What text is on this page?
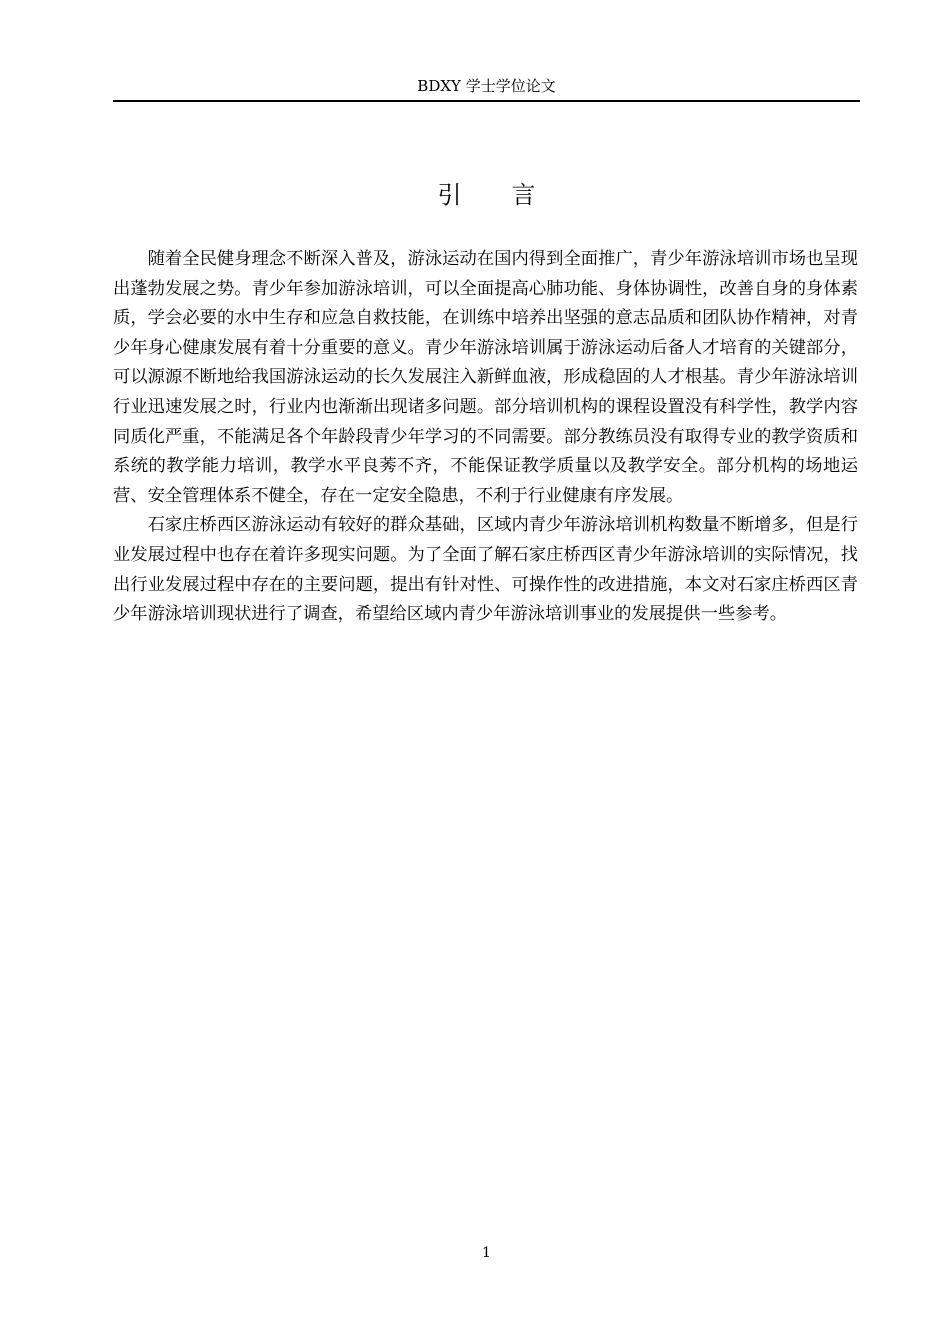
BDXY 学士学位论文
引 言

随着全民健身理念不断深入普及，游泳运动在国内得到全面推广，青少年游泳培训市场也呈现出蓬勃发展之势。青少年参加游泳培训，可以全面提高心肺功能、身体协调性，改善自身的身体素质，学会必要的水中生存和应急自救技能，在训练中培养出坚强的意志品质和团队协作精神，对青少年身心健康发展有着十分重要的意义。青少年游泳培训属于游泳运动后备人才培育的关键部分，可以源源不断地给我国游泳运动的长久发展注入新鲜血液，形成稳固的人才根基。青少年游泳培训行业迅速发展之时，行业内也渐渐出现诸多问题。部分培训机构的课程设置没有科学性，教学内容同质化严重，不能满足各个年龄段青少年学习的不同需要。部分教练员没有取得专业的教学资质和系统的教学能力培训，教学水平良莠不齐，不能保证教学质量以及教学安全。部分机构的场地运营、安全管理体系不健全，存在一定安全隐患，不利于行业健康有序发展。

石家庄桥西区游泳运动有较好的群众基础，区域内青少年游泳培训机构数量不断增多，但是行业发展过程中也存在着许多现实问题。为了全面了解石家庄桥西区青少年游泳培训的实际情况，找出行业发展过程中存在的主要问题，提出有针对性、可操作性的改进措施，本文对石家庄桥西区青少年游泳培训现状进行了调查，希望给区域内青少年游泳培训事业的发展提供一些参考。

1
